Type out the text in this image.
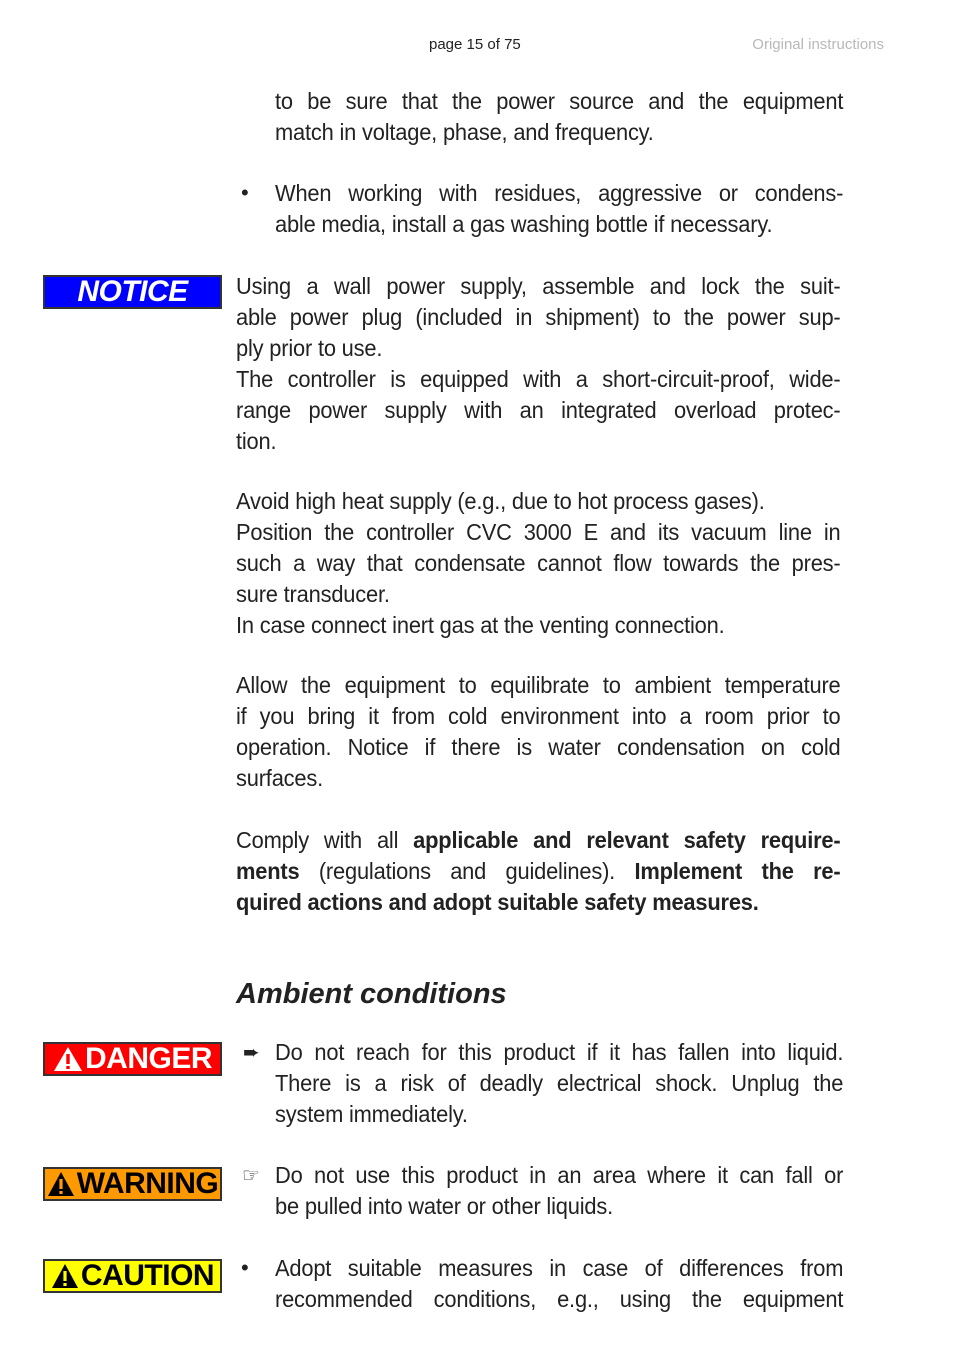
page 15 of 75	Original instructions
to be sure that the power source and the equipment
match in voltage, phase, and frequency.
• When working with residues, aggressive or condens-
able media, install a gas washing bottle if necessary.
NOTICE Using a wall power supply, assemble and lock the suit-
able power plug (included in shipment) to the power sup-
ply prior to use.
The controller is equipped with a short-circuit-proof, wide-
range power supply with an integrated overload protec-
tion.
Avoid high heat supply (e.g., due to hot process gases).
Position the controller CVC 3000 E and its vacuum line in
such a way that condensate cannot flow towards the pres-
sure transducer.
In case connect inert gas at the venting connection.
Allow the equipment to equilibrate to ambient temperature
if you bring it from cold environment into a room prior to
operation. Notice if there is water condensation on cold
surfaces.
Comply with all applicable and relevant safety require-
ments (regulations and guidelines). Implement the re-
quired actions and adopt suitable safety measures.
Ambient conditions
DANGER ➨ Do not reach for this product if it has fallen into liquid.
There is a risk of deadly electrical shock. Unplug the
system immediately.
WARNING ☞ Do not use this product in an area where it can fall or
be pulled into water or other liquids.
CAUTION • Adopt suitable measures in case of differences from
recommended conditions, e.g., using the equipment
